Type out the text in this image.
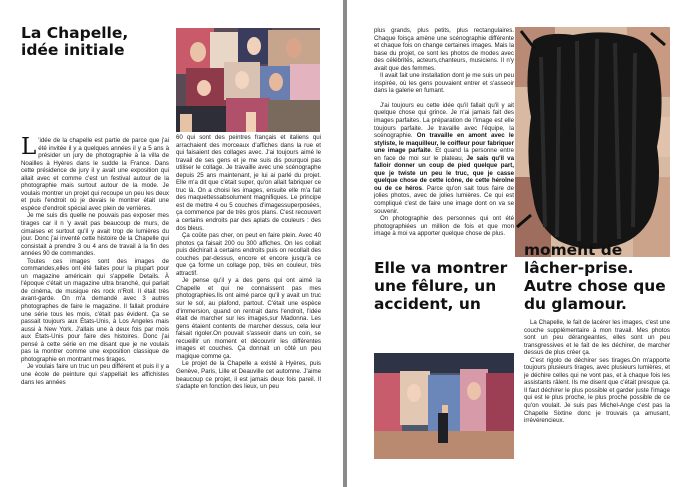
La Chapelle,
idée initiale

L 'idée de la chapelle est partie de parce que j'ai été invitée il y a quelques années il y a 5 ans à présider un jury de photographie à la villa de Noailles à Hyères dans le sudde la France. Dans cette présidence de jury il y avait une exposition qui allait avec et comme c'est un festival autour de la photographie mais surtout autour de la mode. Je voulais montrer un projet qui recoupe un peu les deux et puis l'endroit où je devais le montrer était une espèce d'endroit spécial avec plein de verrières.

Je me suis dis quelle ne pouvais pas exposer mes tirages car il n 'y avait pas beaucoup de murs, de cimaises et surtout qu'il y avait trop de lumières du jour. Donc j'ai inventé cette histoire de la Chapelle qui consistait à prendre 3 ou 4 ans de travail à la fin des années 90 de commandes.

Toutes ces images sont des images de commandes,elles ont été faites pour la plupart pour un magazine américain qui s'appelle Details. À l'époque c'était un magazine ultra branché, qui parlait de cinéma, de musique rès rock n'Roll. Il était très avant-garde. On m'a demandé avec 3 autres photographes de faire le magazine. Il fallait produire une série tous les mois, c'était pas évident. Ça se passait toujours aux États-Unis, à Los Angeles mais aussi à New York. J'allais une à deux fois par mois aux États-Unis pour faire des histoires. Donc j'ai pensé à cette série en me disant que je ne voulais pas la montrer comme une exposition classique de photographie en montrant mes tirages.

Je voulais faire un truc un peu différent et puis il y a une école de peinture qui s'appellait les affichistes dans les années

60 qui sont des peintres français et italiens qui arrachaient des morceaux d'affiches dans la rue et qui faisaient des collages avec. J'ai toujours aimé le travail de ses gens et je me suis dis pourquoi pas utiliser le collage. Je travaille avec une scénographe depuis 25 ans maintenant, je lui ai parlé du projet. Elle m'a dit que c'était super, qu'on allait fabriquer ce truc là. On a choisi les images, ensuite elle m'a fait des maquettessabsolument magnifiques. Le principe est de mettre 4 ou 5 couches d'imagessuperposées, ça commence par de très gros plans. C'est recouvert a certains endroits par des aplats de couleurs : des dos bleus.

Ça coûte pas cher, on peut en faire plein. Avec 40 photos ça faisait 200 ou 300 affiches. On les collait puis déchirait à certains endroits puis on recollait des couches par-dessus, encore et encore jusqu'à ce que ça forme un collage pop, très en couleur, très attractif.

Je pense qu'il y a des gens qui ont aimé la Chapelle et qui ne connaissent pas mes photographies.Ils ont aimé parce qu'il y avait un truc sur le sol, au plafond, partout. C'était une espèce d'immersion, quand on rentrait dans l'endroit, l'idée était de marcher sur les images,sur Madonna. Les gens étaient contents de marcher dessus, cela leur faisait rigoler.On pouvait s'asseoir dans un coin, se recueillir un moment et découvrir les différentes images et couches. Ça donnait un côté un peu magique comme ça.

Le projet de la Chapelle a existé à Hyères, puis Genève, Paris, Lille et Deauville cet automne. J'aime beaucoup ce projet, il est jamais deux fois pareil. Il s'adapte en fonction des lieux, un peu

plus grands, plus petits, plus rectangulaires. Chaque foisça amène une scénographie différente et chaque fois on change certaines images. Mais la base du projet, ce sont les photos de modes avec des célébrités, acteurs,chanteurs, musiciens. Il n'y avait que des femmes.

Il avait fait une installation dont je me suis un peu inspirée, où les gens pouvaient entrer et s'asseoir dans la galerie en fumant.

J'ai toujours eu cette idée qu'il fallait qu'il y ait quelque chose qui grince. Je n'ai jamais fait des images parfaites. La préparation de l'image est elle toujours parfaite. Je travaille avec l'équipe, la scénographie. On travaille en amont avec le styliste, le maquilleur, le coiffeur pour fabriquer une image parfaite. Et quand la personne entre en face de moi sur le plateau, Je sais qu'il va falloir donner un coup de pied quelque part, que je twiste un peu le truc, que je casse quelque chose de cette icône, de cette héroïne ou de ce héros. Parce qu'on sait tous faire de jolies photos, avec de jolies lumières. Ce qui est compliqué c'est de faire une image dont on va se souvenir.

On photographie des personnes qui ont été photographiées un million de fois et que mon image à moi va apporter quelque chose de plus.

Elle va montrer
une fêlure, un
accident, un
moment de
lâcher-prise.
Autre chose que
du glamour.

La Chapelle, le fait de lacérer les images, c'est une couche supplémentaire à mon travail. Mes photos sont un peu dérangeantes, elles sont un peu transgressives et le fait de les déchirer, de marcher dessus de plus créer ça.

C'est rigolo de déchirer ses tirages.On m'apporte toujours plusieurs tirages, avec plusieurs lumières, et je déchire celles qui ne vont pas, et à chaque fois les assistants râlent. Ils me disent que c'était presque ça. Il faut déchirer le plus possible et garder juste l'image qui est le plus proche, le plus proche possible de ce qu'on voulait. Je suis pas Michel-Ange c'est pas la Chapelle Sixtine donc je trouvais ça amusant, irrévérencieux.
